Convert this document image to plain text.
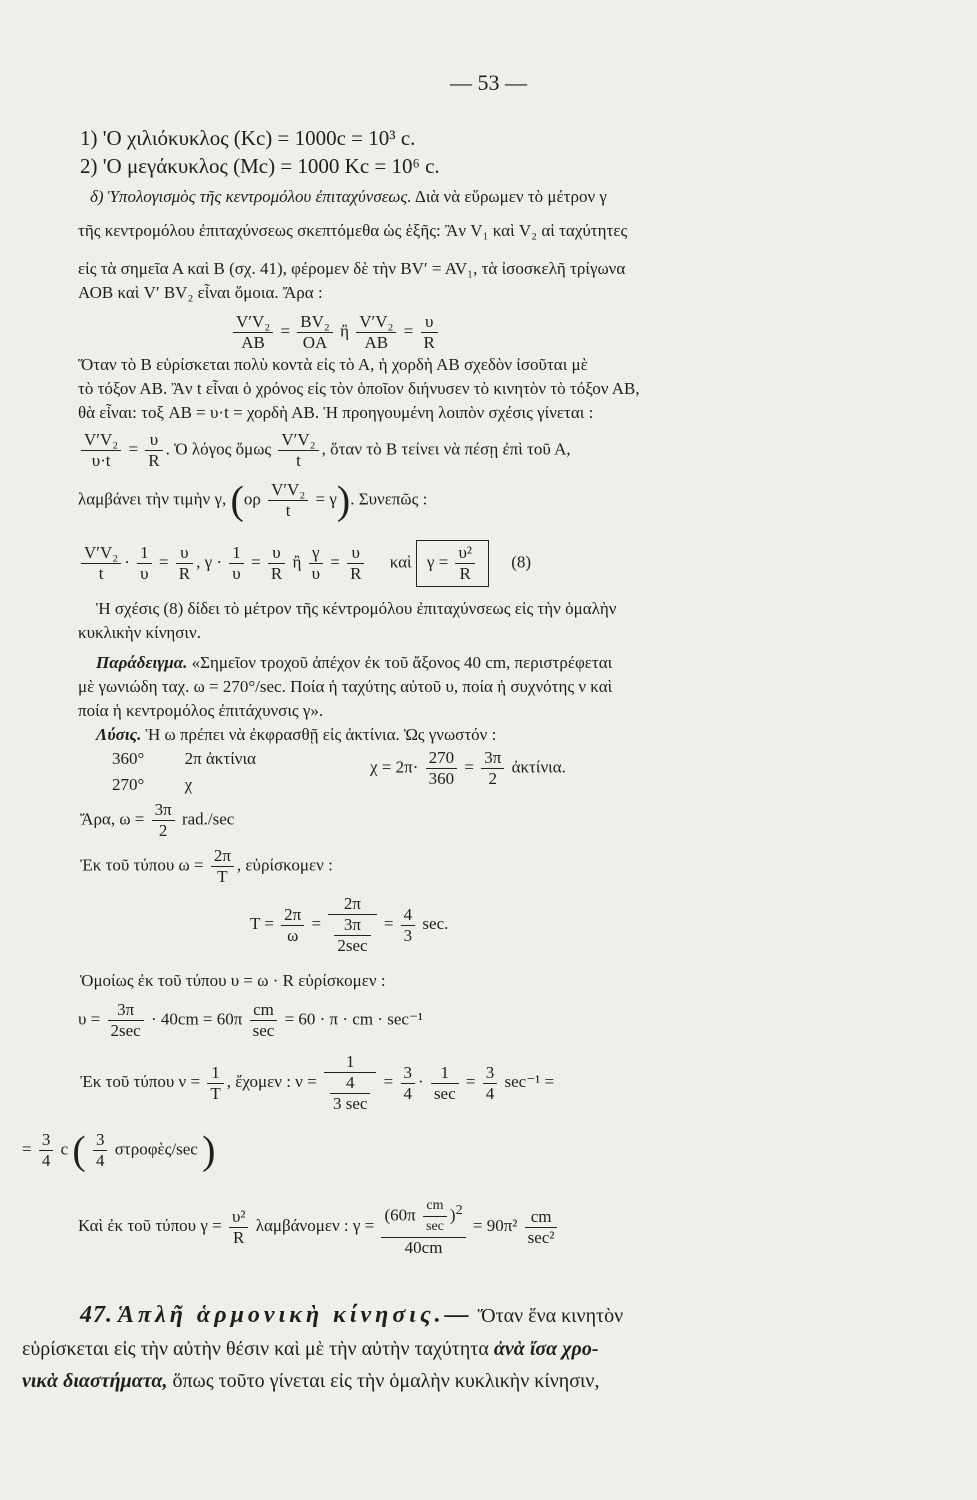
— 53 —
1) 'Ο χιλιόκυκλος (Kc) = 1000c = 10³ c.
2) 'Ο μεγάκυκλος (Mc) = 1000 Kc = 10⁶ c.
δ) Ὑπολογισμὸς τῆς κεντρομόλου ἐπιταχύνσεως. Διὰ νὰ εὕρωμεν τὸ μέτρον γ
τῆς κεντρομόλου ἐπιταχύνσεως σκεπτόμεθα ὡς ἑξῆς: Ἂν V₁ καὶ V₂ αἱ ταχύτητες
εἰς τὰ σημεῖα Α καὶ Β (σχ. 41), φέρομεν δὲ τὴν BV′ = AV₁, τὰ ἰσοσκελῆ τρίγωνα
ΑΟΒ καὶ V′ BV₂ εἶναι ὅμοια. Ἄρα :
$\frac{\text{V′V₂}}{AB} = \frac{\text{BV₂}}{OA}$ ἢ $\frac{\text{V′V₂}}{AB} = \frac{\upsilon}{R}$
Ὅταν τὸ Β εὑρίσκεται πολὺ κοντὰ εἰς τὸ Α, ἡ χορδὴ ΑΒ σχεδὸν ἰσοῦται μὲ
τὸ τόξον ΑΒ. Ἂν t εἶναι ὁ χρόνος εἰς τὸν ὁποῖον διήνυσεν τὸ κινητὸν τὸ τόξον ΑΒ,
θὰ εἶναι: τοξ AB = υ·t = χορδὴ ΑΒ. Ἡ προηγουμένη λοιπὸν σχέσις γίνεται :
$\frac{\text{V′V₂}}{\upsilon\cdot t} = \frac{\upsilon}{R}$ . Ὁ λόγος ὅμως $\frac{\text{V′V₂}}{t}$ , ὅταν τὸ Β τείνει νὰ πέσῃ ἐπὶ τοῦ Α,
λαμβάνει τὴν τιμὴν γ, $(o\rho \frac{\text{V′V₂}}{t} = \gamma)$. Συνεπῶς :
$\frac{\text{V′V₂}}{t} \cdot \frac{1}{\upsilon} = \frac{\upsilon}{R}$ , $\gamma \cdot \frac{1}{\upsilon} = \frac{\upsilon}{R}$ ἢ $\frac{\gamma}{\upsilon} = \frac{\upsilon}{R}$ καὶ $\gamma = \frac{\text{υ²}}{R} (8)$
Ἡ σχέσις (8) δίδει τὸ μέτρον τῆς κέντρομόλου ἐπιταχύνσεως εἰς τὴν ὁμαλὴν
κυκλικὴν κίνησιν.
Παράδειγμα. «Σημεῖον τροχοῦ ἀπέχον ἐκ τοῦ ἄξονος 40 cm, περιστρέφεται
μὲ γωνιώδη ταχ. ω = 270°/sec. Ποία ἡ ταχύτης αὐτοῦ υ, ποία ἡ συχνότης ν καὶ
ποία ἡ κεντρομόλος ἐπιτάχυνσις γ».
Λύσις. Ἡ ω πρέπει νὰ ἐκφρασθῇ εἰς ἀκτίνια. Ὡς γνωστόν :
360° 2π ἀκτίνια
270° χ
$\chi = 2\pi\cdot \frac{270}{360} = \frac{3\pi}{2}$ ἀκτίνια.
Ἄρα, $\omega = \frac{3\pi}{2} rad./\sec$
Ἐκ τοῦ τύπου $\omega = \frac{2\pi}{T}$ , εὑρίσκομεν :
$T = \frac{2\pi}{\omega} = \frac{2\pi}{\frac{3\pi}{2\sec}} = \frac{4}{3} \sec$.
Ὁμοίως ἐκ τοῦ τύπου υ = ω · R εὑρίσκομεν :
$\upsilon = \frac{3\pi}{2\sec} \cdot 40cm = 60\pi \frac{cm}{\sec} = 60 \cdot \pi$ · cm · sec⁻¹
Ἐκ τοῦ τύπου $\nu = \frac{1}{T}$ , ἔχομεν : $\nu = \frac{1}{\frac{4}{3 \sec}} = \frac{3}{4} \cdot \frac{1}{\sec} = \frac{3}{4} \sec^{-1}$ =
= $\frac{3}{4}$ c ( $\frac{3}{4}$ στροφὲς/sec )
Καὶ ἐκ τοῦ τύπου $\gamma = \frac{\text{υ²}}{R}$ λαμβάνομεν : $\gamma = \frac{(60\pi \frac{cm}{\sec} )^2}{40cm} = 90\pi^2 \frac{cm}{\text{sec²}}$
47. Ἁπλῆ ἁρμονικὴ κίνησις.— Ὅταν ἕνα κινητὸν
εὑρίσκεται εἰς τὴν αὐτὴν θέσιν καὶ μὲ τὴν αὐτὴν ταχύτητα ἀνὰ ἴσα χρο-
νικὰ διαστήματα, ὅπως τοῦτο γίνεται εἰς τὴν ὁμαλὴν κυκλικὴν κίνησιν,
